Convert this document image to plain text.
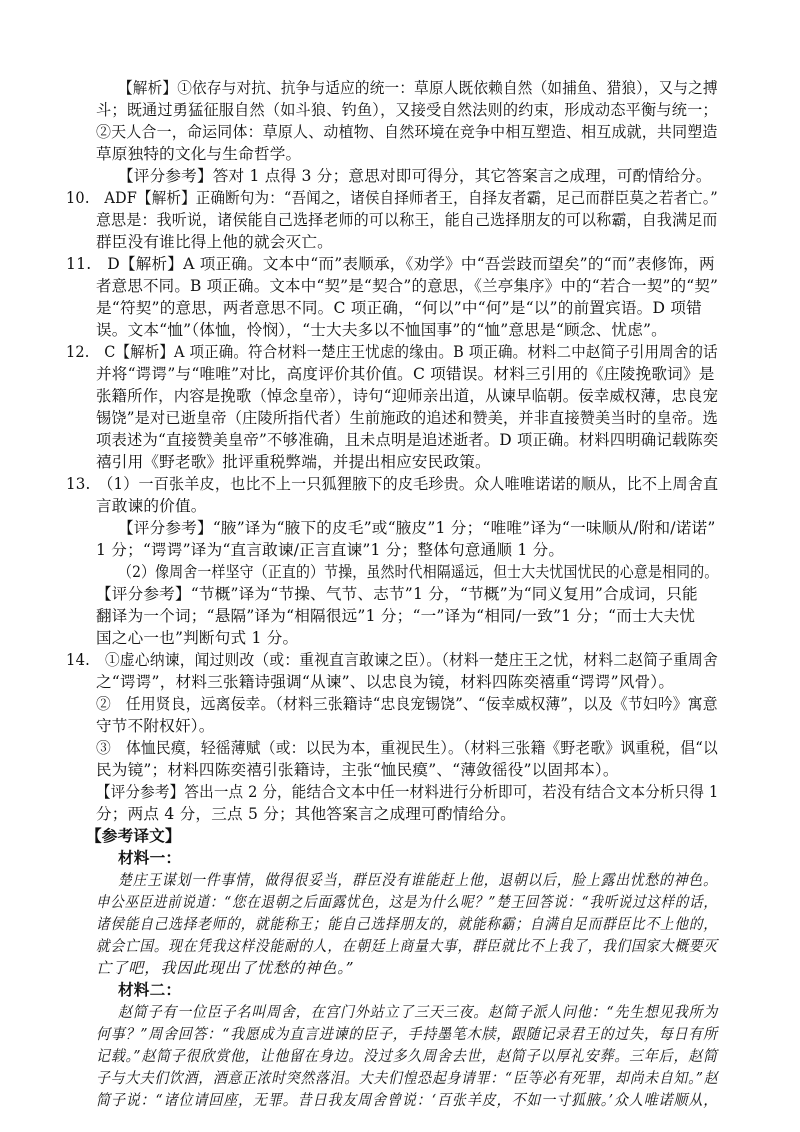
【解析】①依存与对抗、抗争与适应的统一：草原人既依赖自然（如捕鱼、猎狼），又与之搏
斗；既通过勇猛征服自然（如斗狼、钓鱼），又接受自然法则的约束，形成动态平衡与统一；
②天人合一，命运同体：草原人、动植物、自然环境在竞争中相互塑造、相互成就，共同塑造
草原独特的文化与生命哲学。
【评分参考】答对 1 点得 3 分；意思对即可得分，其它答案言之成理，可酌情给分。
10.　ADF【解析】正确断句为：“吾闻之，诸侯自择师者王，自择友者霸，足己而群臣莫之若者亡。”
意思是：我听说，诸侯能自己选择老师的可以称王，能自己选择朋友的可以称霸，自我满足而
群臣没有谁比得上他的就会灭亡。
11.　D【解析】A 项正确。文本中“而”表顺承，《劝学》中“吾尝跂而望矣”的“而”表修饰，两
者意思不同。B 项正确。文本中“契”是“契合”的意思，《兰亭集序》中的“若合一契”的“契”
是“符契”的意思，两者意思不同。C 项正确，“何以”中“何”是“以”的前置宾语。D 项错
误。文本“恤”（体恤，怜悯），“士大夫多以不恤国事”的“恤”意思是“顾念、忧虑”。
12.　C【解析】A 项正确。符合材料一楚庄王忧虑的缘由。B 项正确。材料二中赵简子引用周舍的话
并将“谔谔”与“唯唯”对比，高度评价其价值。C 项错误。材料三引用的《庄陵挽歌词》是
张籍所作，内容是挽歌（悼念皇帝），诗句“迎师亲出道，从谏早临朝。佞幸威权薄，忠良宠
锡饶”是对已逝皇帝（庄陵所指代者）生前施政的追述和赞美，并非直接赞美当时的皇帝。选
项表述为“直接赞美皇帝”不够准确，且未点明是追述逝者。D 项正确。材料四明确记载陈奕
禧引用《野老歌》批评重税弊端，并提出相应安民政策。
13.　（1）一百张羊皮，也比不上一只狐狸腋下的皮毛珍贵。众人唯唯诺诺的顺从，比不上周舍直
言敢谏的价值。
【评分参考】“腋”译为“腋下的皮毛”或“腋皮”1 分；“唯唯”译为“一味顺从/附和/诺诺”
1 分；“谔谔”译为“直言敢谏/正言直谏”1 分；整体句意通顺 1 分。
（2）像周舍一样坚守（正直的）节操，虽然时代相隔遥远，但士大夫忧国忧民的心意是相同的。
【评分参考】“节概”译为“节操、气节、志节”1 分，“节概”为“同义复用”合成词，只能
翻译为一个词；“悬隔”译为“相隔很远”1 分；“一”译为“相同/一致”1 分；“而士大夫忧
国之心一也”判断句式 1 分。
14.　①虚心纳谏，闻过则改（或：重视直言敢谏之臣）。（材料一楚庄王之忧，材料二赵简子重周舍
之“谔谔”，材料三张籍诗强调“从谏”、以忠良为镜，材料四陈奕禧重“谔谔”风骨）。
②　任用贤良，远离佞幸。（材料三张籍诗“忠良宠锡饶”、“佞幸威权薄”，以及《节妇吟》寓意
守节不附权奸）。
③　体恤民瘼，轻徭薄赋（或：以民为本，重视民生）。（材料三张籍《野老歌》讽重税，倡“以
民为镜”；材料四陈奕禧引张籍诗，主张“恤民瘼”、“薄敛徭役”以固邦本）。
【评分参考】答出一点 2 分，能结合文本中任一材料进行分析即可，若没有结合文本分析只得 1
分；两点 4 分，三点 5 分；其他答案言之成理可酌情给分。
【参考译文】
材料一：
楚庄王谋划一件事情，做得很妥当，群臣没有谁能赶上他，退朝以后，脸上露出忧愁的神色。
申公巫臣进前说道：“您在退朝之后面露忧色，这是为什么呢？”楚王回答说：“我听说过这样的话，
诸侯能自己选择老师的，就能称王；能自己选择朋友的，就能称霸；自满自足而群臣比不上他的，
就会亡国。现在凭我这样没能耐的人，在朝廷上商量大事，群臣就比不上我了，我们国家大概要灭
亡了吧，我因此现出了忧愁的神色。”
材料二：
赵简子有一位臣子名叫周舍，在宫门外站立了三天三夜。赵简子派人问他：“先生想见我所为
何事？”周舍回答：“我愿成为直言进谏的臣子，手持墨笔木牍，跟随记录君王的过失，每日有所
记载。”赵简子很欣赏他，让他留在身边。没过多久周舍去世，赵简子以厚礼安葬。三年后，赵简
子与大夫们饮酒，酒意正浓时突然落泪。大夫们惶恐起身请罪：“臣等必有死罪，却尚未自知。”赵
简子说：“诸位请回座，无罪。昔日我友周舍曾说：‘百张羊皮，不如一寸狐腋。’众人唯诺顺从，
